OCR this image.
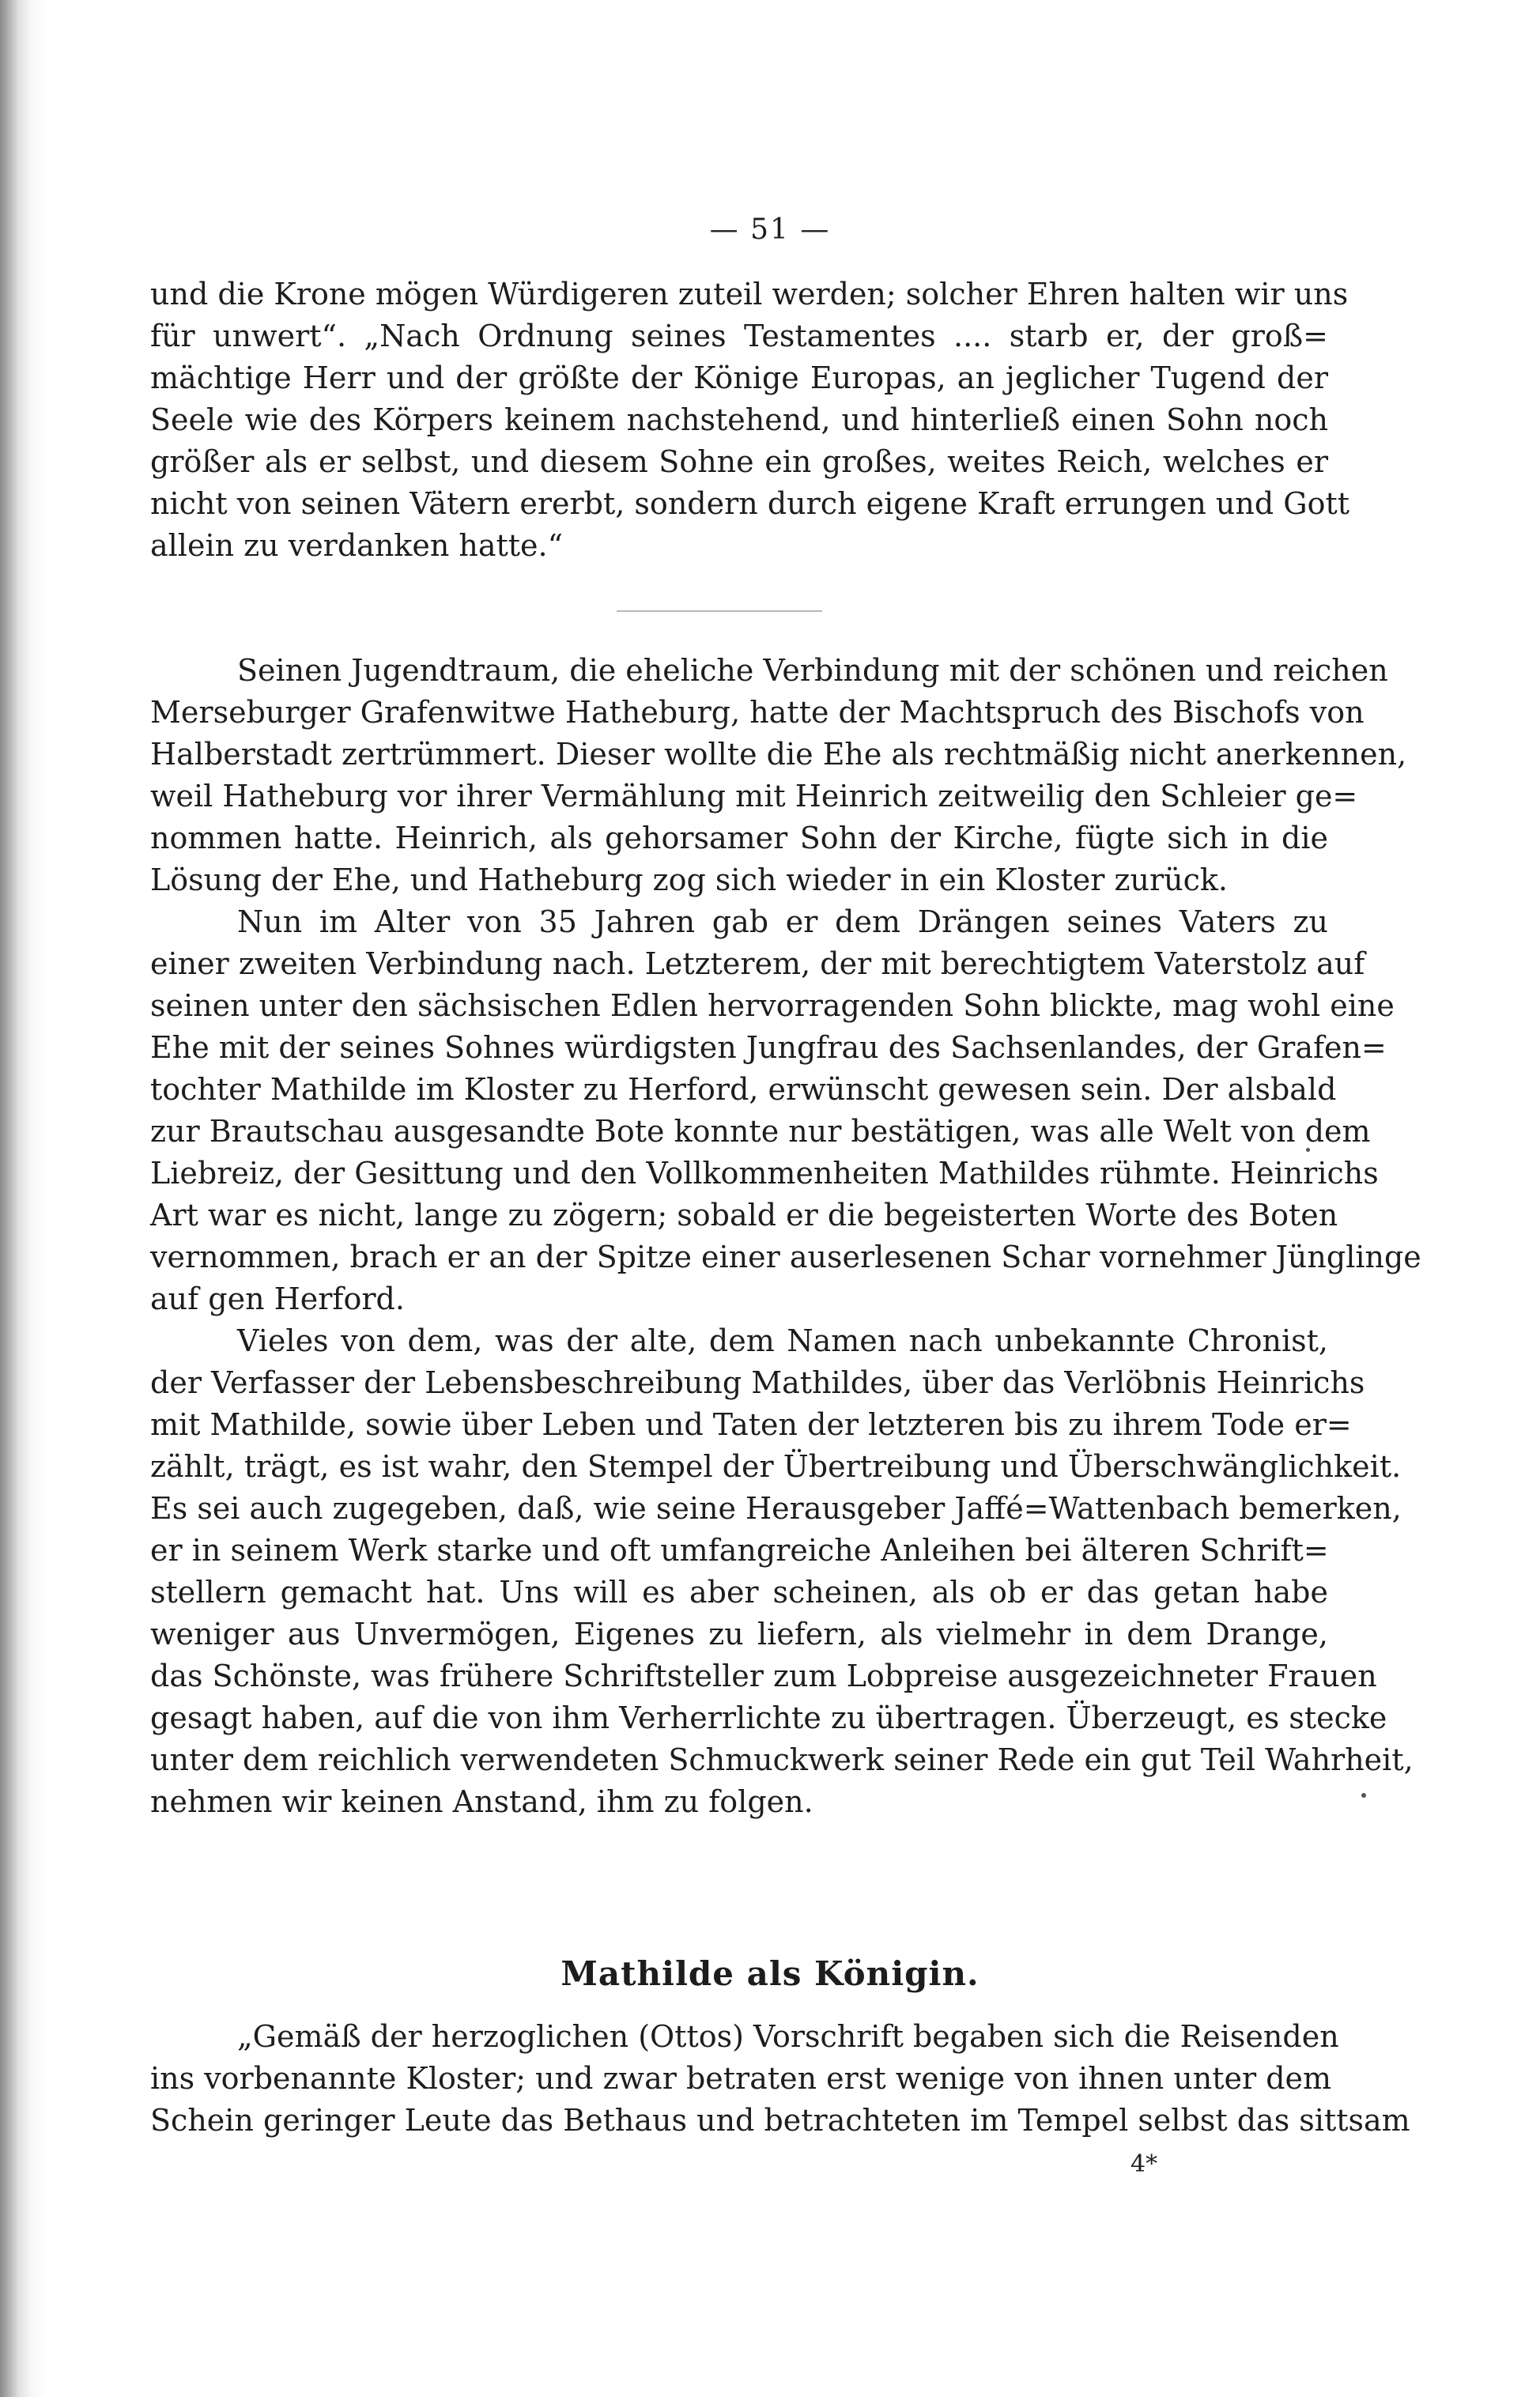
— 51 —
und die Krone mögen Würdigeren zuteil werden; solcher Ehren halten wir uns
für unwert“. „Nach Ordnung seines Testamentes .... starb er, der groß=
mächtige Herr und der größte der Könige Europas, an jeglicher Tugend der
Seele wie des Körpers keinem nachstehend, und hinterließ einen Sohn noch
größer als er selbst, und diesem Sohne ein großes, weites Reich, welches er
nicht von seinen Vätern ererbt, sondern durch eigene Kraft errungen und Gott
allein zu verdanken hatte.“
Seinen Jugendtraum, die eheliche Verbindung mit der schönen und reichen
Merseburger Grafenwitwe Hatheburg, hatte der Machtspruch des Bischofs von
Halberstadt zertrümmert. Dieser wollte die Ehe als rechtmäßig nicht anerkennen,
weil Hatheburg vor ihrer Vermählung mit Heinrich zeitweilig den Schleier ge=
nommen hatte. Heinrich, als gehorsamer Sohn der Kirche, fügte sich in die
Lösung der Ehe, und Hatheburg zog sich wieder in ein Kloster zurück.
Nun im Alter von 35 Jahren gab er dem Drängen seines Vaters zu
einer zweiten Verbindung nach. Letzterem, der mit berechtigtem Vaterstolz auf
seinen unter den sächsischen Edlen hervorragenden Sohn blickte, mag wohl eine
Ehe mit der seines Sohnes würdigsten Jungfrau des Sachsenlandes, der Grafen=
tochter Mathilde im Kloster zu Herford, erwünscht gewesen sein. Der alsbald
zur Brautschau ausgesandte Bote konnte nur bestätigen, was alle Welt von dem
Liebreiz, der Gesittung und den Vollkommenheiten Mathildes rühmte. Heinrichs
Art war es nicht, lange zu zögern; sobald er die begeisterten Worte des Boten
vernommen, brach er an der Spitze einer auserlesenen Schar vornehmer Jünglinge
auf gen Herford.
Vieles von dem, was der alte, dem Namen nach unbekannte Chronist,
der Verfasser der Lebensbeschreibung Mathildes, über das Verlöbnis Heinrichs
mit Mathilde, sowie über Leben und Taten der letzteren bis zu ihrem Tode er=
zählt, trägt, es ist wahr, den Stempel der Übertreibung und Überschwänglichkeit.
Es sei auch zugegeben, daß, wie seine Herausgeber Jaffé=Wattenbach bemerken,
er in seinem Werk starke und oft umfangreiche Anleihen bei älteren Schrift=
stellern gemacht hat. Uns will es aber scheinen, als ob er das getan habe
weniger aus Unvermögen, Eigenes zu liefern, als vielmehr in dem Drange,
das Schönste, was frühere Schriftsteller zum Lobpreise ausgezeichneter Frauen
gesagt haben, auf die von ihm Verherrlichte zu übertragen. Überzeugt, es stecke
unter dem reichlich verwendeten Schmuckwerk seiner Rede ein gut Teil Wahrheit,
nehmen wir keinen Anstand, ihm zu folgen.
Mathilde als Königin.
„Gemäß der herzoglichen (Ottos) Vorschrift begaben sich die Reisenden
ins vorbenannte Kloster; und zwar betraten erst wenige von ihnen unter dem
Schein geringer Leute das Bethaus und betrachteten im Tempel selbst das sittsam
4*
